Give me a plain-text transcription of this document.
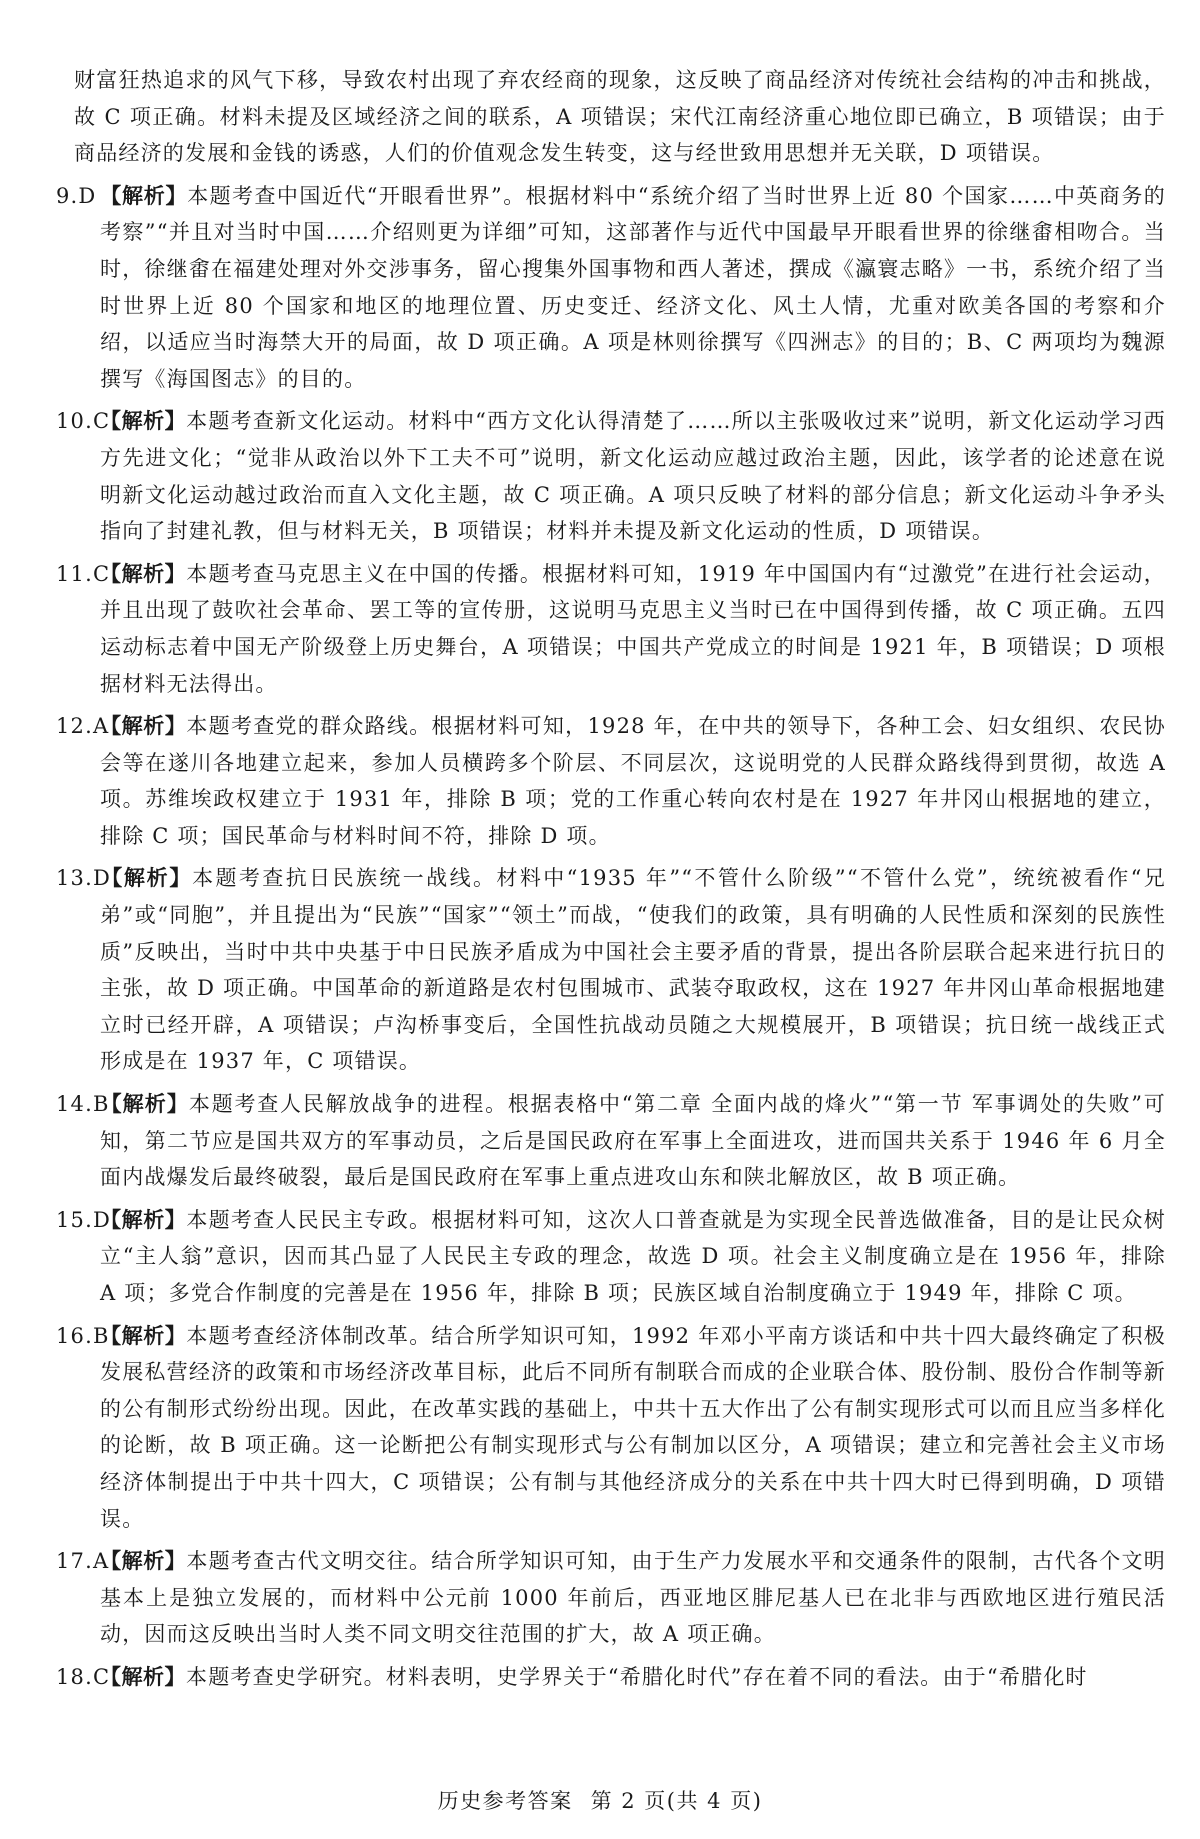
财富狂热追求的风气下移，导致农村出现了弃农经商的现象，这反映了商品经济对传统社会结构的冲击和挑战，故 C 项正确。材料未提及区域经济之间的联系，A 项错误；宋代江南经济重心地位即已确立，B 项错误；由于商品经济的发展和金钱的诱惑，人们的价值观念发生转变，这与经世致用思想并无关联，D 项错误。

9.D 【解析】本题考查中国近代“开眼看世界”。根据材料中“系统介绍了当时世界上近 80 个国家……中英商务的考察”“并且对当时中国……介绍则更为详细”可知，这部著作与近代中国最早开眼看世界的徐继畬相吻合。当时，徐继畬在福建处理对外交涉事务，留心搜集外国事物和西人著述，撰成《瀛寰志略》一书，系统介绍了当时世界上近 80 个国家和地区的地理位置、历史变迁、经济文化、风土人情，尤重对欧美各国的考察和介绍，以适应当时海禁大开的局面，故 D 项正确。A 项是林则徐撰写《四洲志》的目的；B、C 两项均为魏源撰写《海国图志》的目的。

10.C【解析】本题考查新文化运动。材料中“西方文化认得清楚了……所以主张吸收过来”说明，新文化运动学习西方先进文化；“觉非从政治以外下工夫不可”说明，新文化运动应越过政治主题，因此，该学者的论述意在说明新文化运动越过政治而直入文化主题，故 C 项正确。A 项只反映了材料的部分信息；新文化运动斗争矛头指向了封建礼教，但与材料无关，B 项错误；材料并未提及新文化运动的性质，D 项错误。

11.C【解析】本题考查马克思主义在中国的传播。根据材料可知，1919 年中国国内有“过激党”在进行社会运动，并且出现了鼓吹社会革命、罢工等的宣传册，这说明马克思主义当时已在中国得到传播，故 C 项正确。五四运动标志着中国无产阶级登上历史舞台，A 项错误；中国共产党成立的时间是 1921 年，B 项错误；D 项根据材料无法得出。

12.A【解析】本题考查党的群众路线。根据材料可知，1928 年，在中共的领导下，各种工会、妇女组织、农民协会等在遂川各地建立起来，参加人员横跨多个阶层、不同层次，这说明党的人民群众路线得到贯彻，故选 A 项。苏维埃政权建立于 1931 年，排除 B 项；党的工作重心转向农村是在 1927 年井冈山根据地的建立，排除 C 项；国民革命与材料时间不符，排除 D 项。

13.D【解析】本题考查抗日民族统一战线。材料中“1935 年”“不管什么阶级”“不管什么党”，统统被看作“兄弟”或“同胞”，并且提出为“民族”“国家”“领土”而战，“使我们的政策，具有明确的人民性质和深刻的民族性质”反映出，当时中共中央基于中日民族矛盾成为中国社会主要矛盾的背景，提出各阶层联合起来进行抗日的主张，故 D 项正确。中国革命的新道路是农村包围城市、武装夺取政权，这在 1927 年井冈山革命根据地建立时已经开辟，A 项错误；卢沟桥事变后，全国性抗战动员随之大规模展开，B 项错误；抗日统一战线正式形成是在 1937 年，C 项错误。

14.B【解析】本题考查人民解放战争的进程。根据表格中“第二章 全面内战的烽火”“第一节 军事调处的失败”可知，第二节应是国共双方的军事动员，之后是国民政府在军事上全面进攻，进而国共关系于 1946 年 6 月全面内战爆发后最终破裂，最后是国民政府在军事上重点进攻山东和陕北解放区，故 B 项正确。

15.D【解析】本题考查人民民主专政。根据材料可知，这次人口普查就是为实现全民普选做准备，目的是让民众树立“主人翁”意识，因而其凸显了人民民主专政的理念，故选 D 项。社会主义制度确立是在 1956 年，排除 A 项；多党合作制度的完善是在 1956 年，排除 B 项；民族区域自治制度确立于 1949 年，排除 C 项。

16.B【解析】本题考查经济体制改革。结合所学知识可知，1992 年邓小平南方谈话和中共十四大最终确定了积极发展私营经济的政策和市场经济改革目标，此后不同所有制联合而成的企业联合体、股份制、股份合作制等新的公有制形式纷纷出现。因此，在改革实践的基础上，中共十五大作出了公有制实现形式可以而且应当多样化的论断，故 B 项正确。这一论断把公有制实现形式与公有制加以区分，A 项错误；建立和完善社会主义市场经济体制提出于中共十四大，C 项错误；公有制与其他经济成分的关系在中共十四大时已得到明确，D 项错误。

17.A【解析】本题考查古代文明交往。结合所学知识可知，由于生产力发展水平和交通条件的限制，古代各个文明基本上是独立发展的，而材料中公元前 1000 年前后，西亚地区腓尼基人已在北非与西欧地区进行殖民活动，因而这反映出当时人类不同文明交往范围的扩大，故 A 项正确。

18.C【解析】本题考查史学研究。材料表明，史学界关于“希腊化时代”存在着不同的看法。由于“希腊化时

历史参考答案 第 2 页(共 4 页)
